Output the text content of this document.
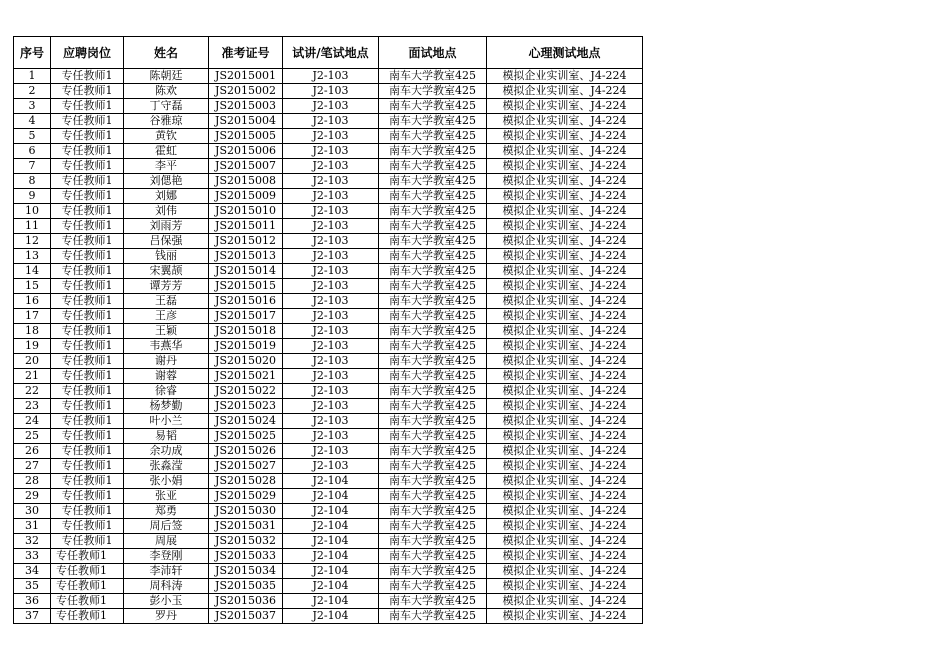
序号	应聘岗位	姓名	准考证号	试讲/笔试地点	面试地点	心理测试地点
1	专任教师1	陈朝廷	JS2015001	J2-103	南车大学教室425	模拟企业实训室、J4-224
2	专任教师1	陈欢	JS2015002	J2-103	南车大学教室425	模拟企业实训室、J4-224
3	专任教师1	丁守磊	JS2015003	J2-103	南车大学教室425	模拟企业实训室、J4-224
4	专任教师1	谷雅琼	JS2015004	J2-103	南车大学教室425	模拟企业实训室、J4-224
5	专任教师1	黄钦	JS2015005	J2-103	南车大学教室425	模拟企业实训室、J4-224
6	专任教师1	霍虹	JS2015006	J2-103	南车大学教室425	模拟企业实训室、J4-224
7	专任教师1	李平	JS2015007	J2-103	南车大学教室425	模拟企业实训室、J4-224
8	专任教师1	刘偲艳	JS2015008	J2-103	南车大学教室425	模拟企业实训室、J4-224
9	专任教师1	刘娜	JS2015009	J2-103	南车大学教室425	模拟企业实训室、J4-224
10	专任教师1	刘伟	JS2015010	J2-103	南车大学教室425	模拟企业实训室、J4-224
11	专任教师1	刘雨芳	JS2015011	J2-103	南车大学教室425	模拟企业实训室、J4-224
12	专任教师1	吕保强	JS2015012	J2-103	南车大学教室425	模拟企业实训室、J4-224
13	专任教师1	钱丽	JS2015013	J2-103	南车大学教室425	模拟企业实训室、J4-224
14	专任教师1	宋翼颉	JS2015014	J2-103	南车大学教室425	模拟企业实训室、J4-224
15	专任教师1	谭芳芳	JS2015015	J2-103	南车大学教室425	模拟企业实训室、J4-224
16	专任教师1	王磊	JS2015016	J2-103	南车大学教室425	模拟企业实训室、J4-224
17	专任教师1	王彦	JS2015017	J2-103	南车大学教室425	模拟企业实训室、J4-224
18	专任教师1	王颖	JS2015018	J2-103	南车大学教室425	模拟企业实训室、J4-224
19	专任教师1	韦燕华	JS2015019	J2-103	南车大学教室425	模拟企业实训室、J4-224
20	专任教师1	谢丹	JS2015020	J2-103	南车大学教室425	模拟企业实训室、J4-224
21	专任教师1	谢蓉	JS2015021	J2-103	南车大学教室425	模拟企业实训室、J4-224
22	专任教师1	徐睿	JS2015022	J2-103	南车大学教室425	模拟企业实训室、J4-224
23	专任教师1	杨梦勤	JS2015023	J2-103	南车大学教室425	模拟企业实训室、J4-224
24	专任教师1	叶小兰	JS2015024	J2-103	南车大学教室425	模拟企业实训室、J4-224
25	专任教师1	易韬	JS2015025	J2-103	南车大学教室425	模拟企业实训室、J4-224
26	专任教师1	余功成	JS2015026	J2-103	南车大学教室425	模拟企业实训室、J4-224
27	专任教师1	张淼滢	JS2015027	J2-103	南车大学教室425	模拟企业实训室、J4-224
28	专任教师1	张小娟	JS2015028	J2-104	南车大学教室425	模拟企业实训室、J4-224
29	专任教师1	张亚	JS2015029	J2-104	南车大学教室425	模拟企业实训室、J4-224
30	专任教师1	郑勇	JS2015030	J2-104	南车大学教室425	模拟企业实训室、J4-224
31	专任教师1	周后签	JS2015031	J2-104	南车大学教室425	模拟企业实训室、J4-224
32	专任教师1	周展	JS2015032	J2-104	南车大学教室425	模拟企业实训室、J4-224
33	专任教师1	李登刚	JS2015033	J2-104	南车大学教室425	模拟企业实训室、J4-224
34	专任教师1	李沛轩	JS2015034	J2-104	南车大学教室425	模拟企业实训室、J4-224
35	专任教师1	周科涛	JS2015035	J2-104	南车大学教室425	模拟企业实训室、J4-224
36	专任教师1	彭小玉	JS2015036	J2-104	南车大学教室425	模拟企业实训室、J4-224
37	专任教师1	罗丹	JS2015037	J2-104	南车大学教室425	模拟企业实训室、J4-224
